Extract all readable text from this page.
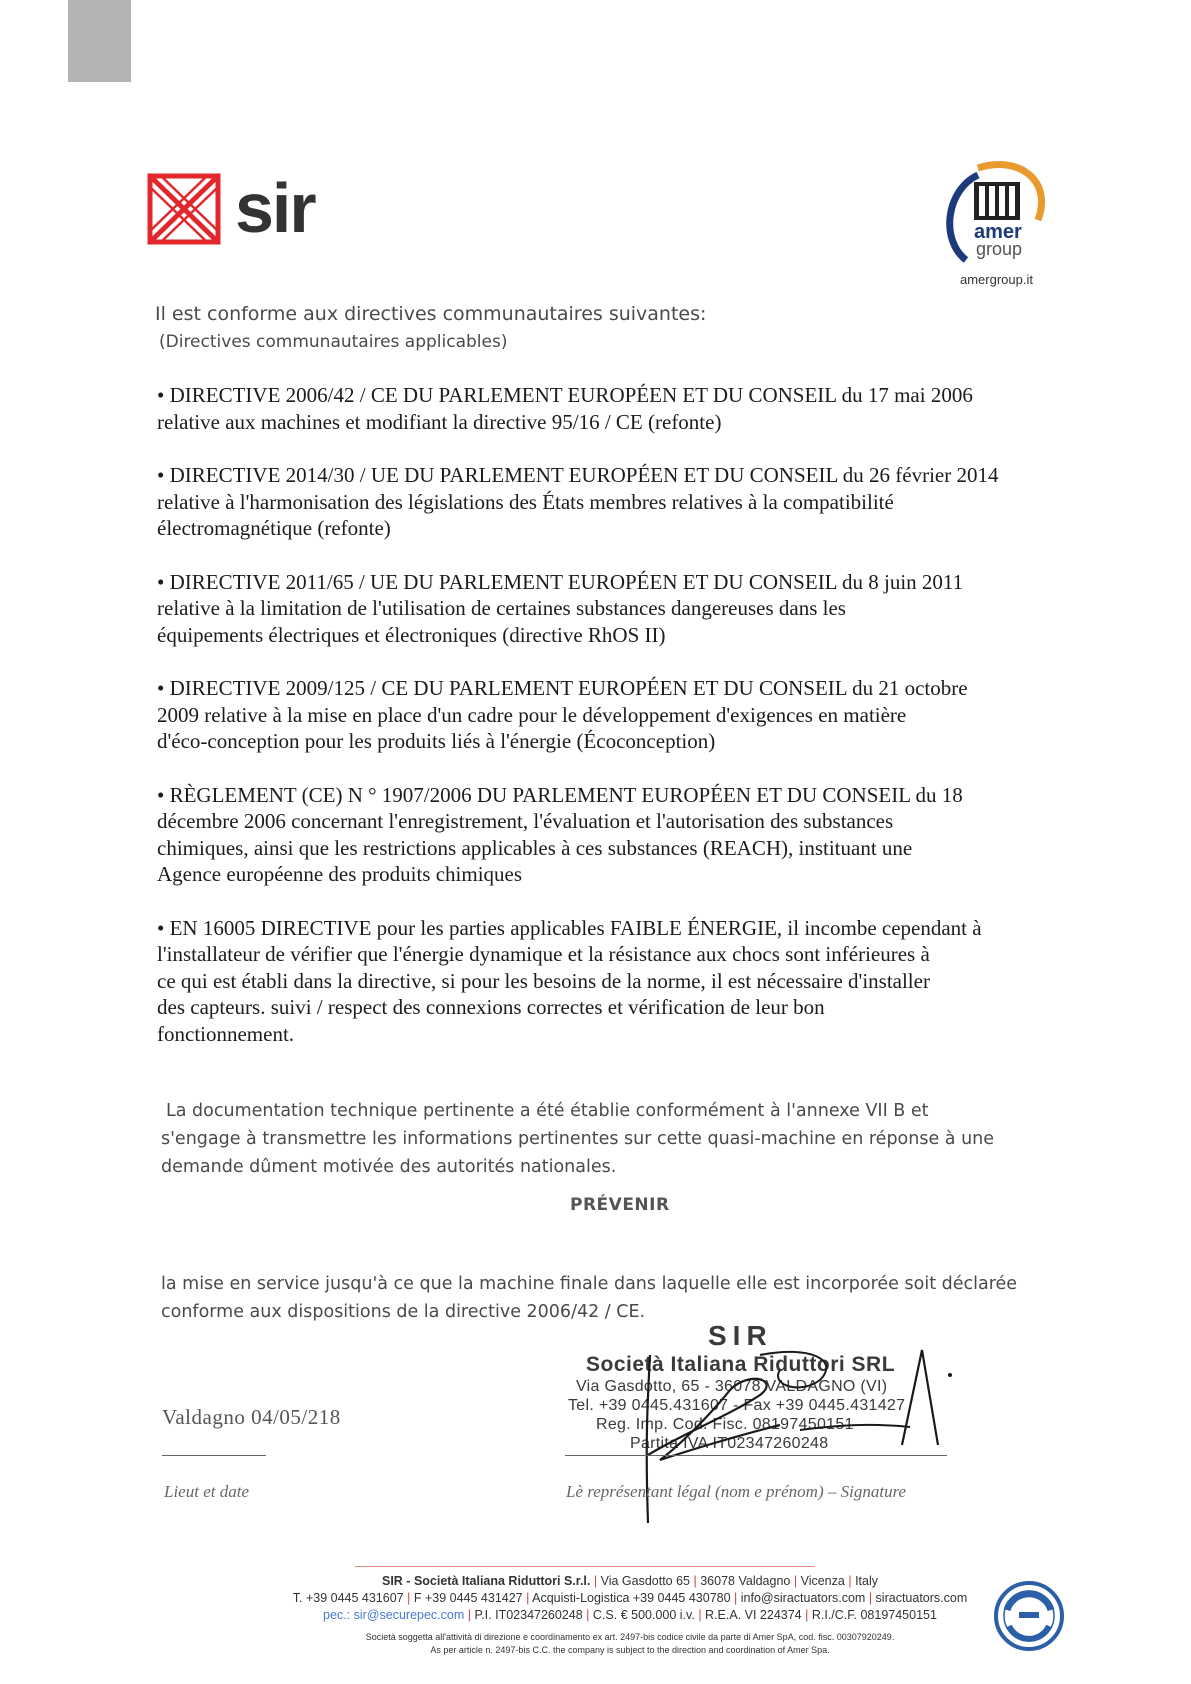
sir	amer
group
amergroup.it
Il est conforme aux directives communautaires suivantes:
(Directives communautaires applicables)
• DIRECTIVE 2006/42 / CE DU PARLEMENT EUROPÉEN ET DU CONSEIL du 17 mai 2006
relative aux machines et modifiant la directive 95/16 / CE (refonte)
• DIRECTIVE 2014/30 / UE DU PARLEMENT EUROPÉEN ET DU CONSEIL du 26 février 2014
relative à l'harmonisation des législations des États membres relatives à la compatibilité
électromagnétique (refonte)
• DIRECTIVE 2011/65 / UE DU PARLEMENT EUROPÉEN ET DU CONSEIL du 8 juin 2011
relative à la limitation de l'utilisation de certaines substances dangereuses dans les
équipements électriques et électroniques (directive RhOS II)
• DIRECTIVE 2009/125 / CE DU PARLEMENT EUROPÉEN ET DU CONSEIL du 21 octobre
2009 relative à la mise en place d'un cadre pour le développement d'exigences en matière
d'éco-conception pour les produits liés à l'énergie (Écoconception)
• RÈGLEMENT (CE) N ° 1907/2006 DU PARLEMENT EUROPÉEN ET DU CONSEIL du 18
décembre 2006 concernant l'enregistrement, l'évaluation et l'autorisation des substances
chimiques, ainsi que les restrictions applicables à ces substances (REACH), instituant une
Agence européenne des produits chimiques
• EN 16005 DIRECTIVE pour les parties applicables FAIBLE ÉNERGIE, il incombe cependant à
l'installateur de vérifier que l'énergie dynamique et la résistance aux chocs sont inférieures à
ce qui est établi dans la directive, si pour les besoins de la norme, il est nécessaire d'installer
des capteurs. suivi / respect des connexions correctes et vérification de leur bon
fonctionnement.
La documentation technique pertinente a été établie conformément à l'annexe VII B et
s'engage à transmettre les informations pertinentes sur cette quasi-machine en réponse à une
demande dûment motivée des autorités nationales.
PRÉVENIR
la mise en service jusqu'à ce que la machine finale dans laquelle elle est incorporée soit déclarée
conforme aux dispositions de la directive 2006/42 / CE.
SIR
Società Italiana Riduttori SRL
Via Gasdotto, 65 - 36078 VALDAGNO (VI)
Tel. +39 0445.431607 - Fax +39 0445.431427
Reg. Imp. Cod. Fisc. 08197450151
Partita IVA IT02347260248
Valdagno 04/05/218
Lieut et date	Lè représentant légal (nom e prénom) – Signature
SIR - Società Italiana Riduttori S.r.l. | Via Gasdotto 65 | 36078 Valdagno | Vicenza | Italy
T. +39 0445 431607 | F +39 0445 431427 | Acquisti-Logistica +39 0445 430780 | info@siractuators.com | siractuators.com
pec.: sir@securepec.com | P.I. IT02347260248 | C.S. € 500.000 i.v. | R.E.A. VI 224374 | R.I./C.F. 08197450151
Società soggetta all'attività di direzione e coordinamento ex art. 2497-bis codice civile da parte di Amer SpA, cod. fisc. 00307920249.
As per article n. 2497-bis C.C. the company is subject to the direction and coordination of Amer Spa.
